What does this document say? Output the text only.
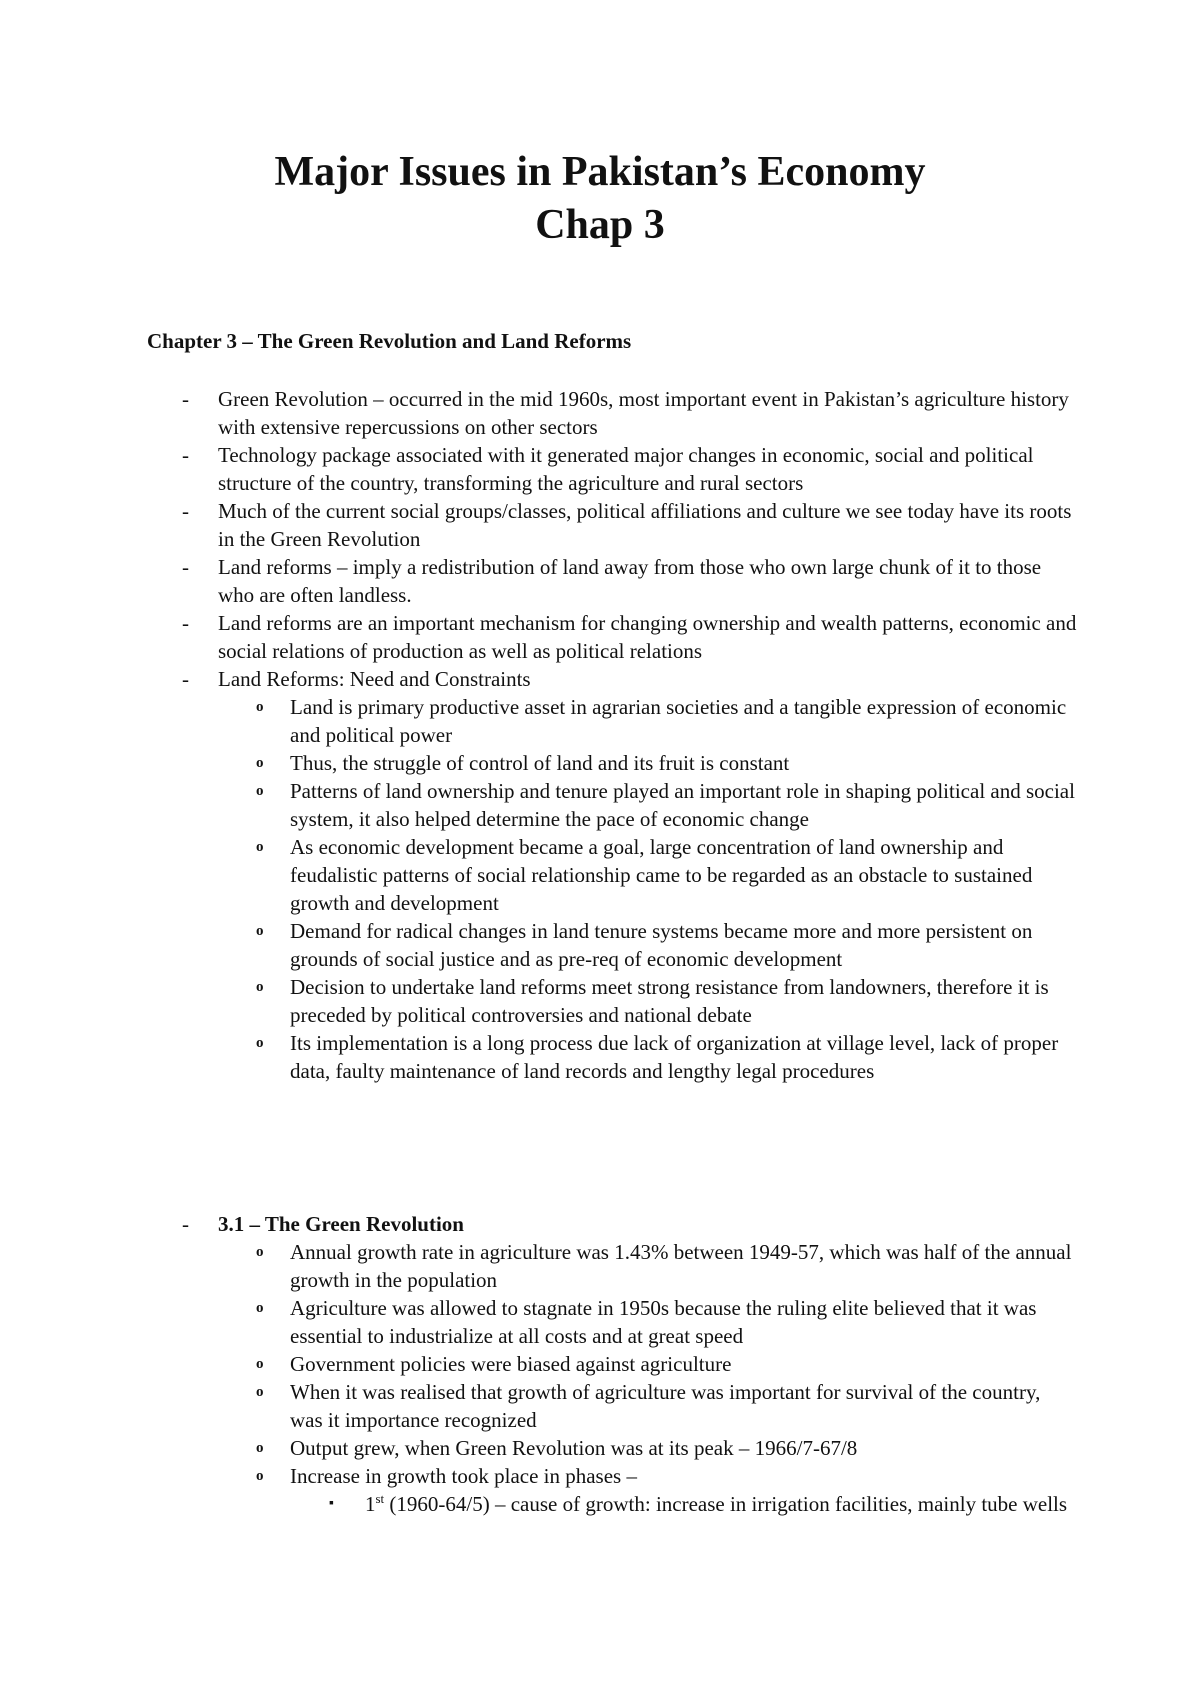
Major Issues in Pakistan’s Economy
Chap 3
Chapter 3 – The Green Revolution and Land Reforms
- Green Revolution – occurred in the mid 1960s, most important event in Pakistan’s agriculture history with extensive repercussions on other sectors
- Technology package associated with it generated major changes in economic, social and political structure of the country, transforming the agriculture and rural sectors
- Much of the current social groups/classes, political affiliations and culture we see today have its roots in the Green Revolution
- Land reforms – imply a redistribution of land away from those who own large chunk of it to those who are often landless.
- Land reforms are an important mechanism for changing ownership and wealth patterns, economic and social relations of production as well as political relations
- Land Reforms: Need and Constraints
o Land is primary productive asset in agrarian societies and a tangible expression of economic and political power
o Thus, the struggle of control of land and its fruit is constant
o Patterns of land ownership and tenure played an important role in shaping political and social system, it also helped determine the pace of economic change
o As economic development became a goal, large concentration of land ownership and feudalistic patterns of social relationship came to be regarded as an obstacle to sustained growth and development
o Demand for radical changes in land tenure systems became more and more persistent on grounds of social justice and as pre-req of economic development
o Decision to undertake land reforms meet strong resistance from landowners, therefore it is preceded by political controversies and national debate
o Its implementation is a long process due lack of organization at village level, lack of proper data, faulty maintenance of land records and lengthy legal procedures
- 3.1 – The Green Revolution
o Annual growth rate in agriculture was 1.43% between 1949-57, which was half of the annual growth in the population
o Agriculture was allowed to stagnate in 1950s because the ruling elite believed that it was essential to industrialize at all costs and at great speed
o Government policies were biased against agriculture
o When it was realised that growth of agriculture was important for survival of the country, was it importance recognized
o Output grew, when Green Revolution was at its peak – 1966/7-67/8
o Increase in growth took place in phases –
▪ 1st (1960-64/5) – cause of growth: increase in irrigation facilities, mainly tube wells
